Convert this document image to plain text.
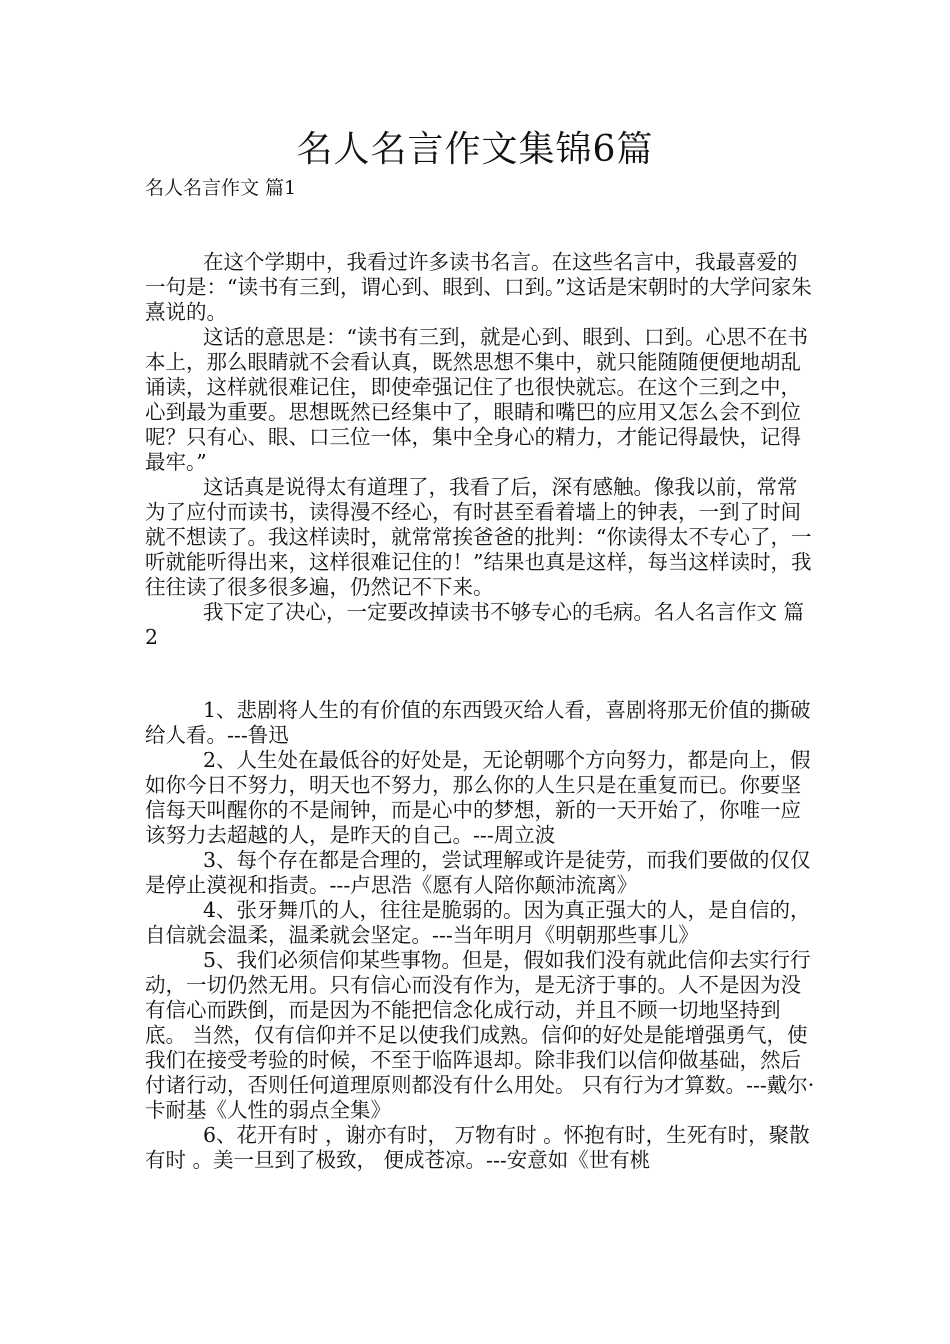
名人名言作文集锦6篇
名人名言作文 篇1

在这个学期中，我看过许多读书名言。在这些名言中，我最喜爱的一句是：“读书有三到，谓心到、眼到、口到。”这话是宋朝时的大学问家朱熹说的。

这话的意思是：“读书有三到，就是心到、眼到、口到。心思不在书本上，那么眼睛就不会看认真，既然思想不集中，就只能随随便便地胡乱诵读，这样就很难记住，即使牵强记住了也很快就忘。在这个三到之中，心到最为重要。思想既然已经集中了，眼睛和嘴巴的应用又怎么会不到位呢？只有心、眼、口三位一体，集中全身心的精力，才能记得最快，记得最牢。”

这话真是说得太有道理了，我看了后，深有感触。像我以前，常常为了应付而读书，读得漫不经心，有时甚至看着墙上的钟表，一到了时间就不想读了。我这样读时，就常常挨爸爸的批判：“你读得太不专心了，一听就能听得出来，这样很难记住的！”结果也真是这样，每当这样读时，我往往读了很多很多遍，仍然记不下来。

我下定了决心，一定要改掉读书不够专心的毛病。名人名言作文 篇2

1、悲剧将人生的有价值的东西毁灭给人看，喜剧将那无价值的撕破给人看。---鲁迅

2、人生处在最低谷的好处是，无论朝哪个方向努力，都是向上，假如你今日不努力，明天也不努力，那么你的人生只是在重复而已。你要坚信每天叫醒你的不是闹钟，而是心中的梦想，新的一天开始了，你唯一应该努力去超越的人，是昨天的自己。---周立波

3、每个存在都是合理的，尝试理解或许是徒劳，而我们要做的仅仅是停止漠视和指责。---卢思浩《愿有人陪你颠沛流离》

4、张牙舞爪的人，往往是脆弱的。因为真正强大的人，是自信的，自信就会温柔，温柔就会坚定。---当年明月《明朝那些事儿》

5、我们必须信仰某些事物。但是，假如我们没有就此信仰去实行行动，一切仍然无用。只有信心而没有作为，是无济于事的。人不是因为没有信心而跌倒，而是因为不能把信念化成行动，并且不顾一切地坚持到底。 当然，仅有信仰并不足以使我们成熟。信仰的好处是能增强勇气，使我们在接受考验的时候，不至于临阵退却。除非我们以信仰做基础，然后付诸行动，否则任何道理原则都没有什么用处。 只有行为才算数。---戴尔·卡耐基《人性的弱点全集》

6、花开有时 ，谢亦有时， 万物有时 。怀抱有时，生死有时，聚散有时 。美一旦到了极致， 便成苍凉。---安意如《世有桃
